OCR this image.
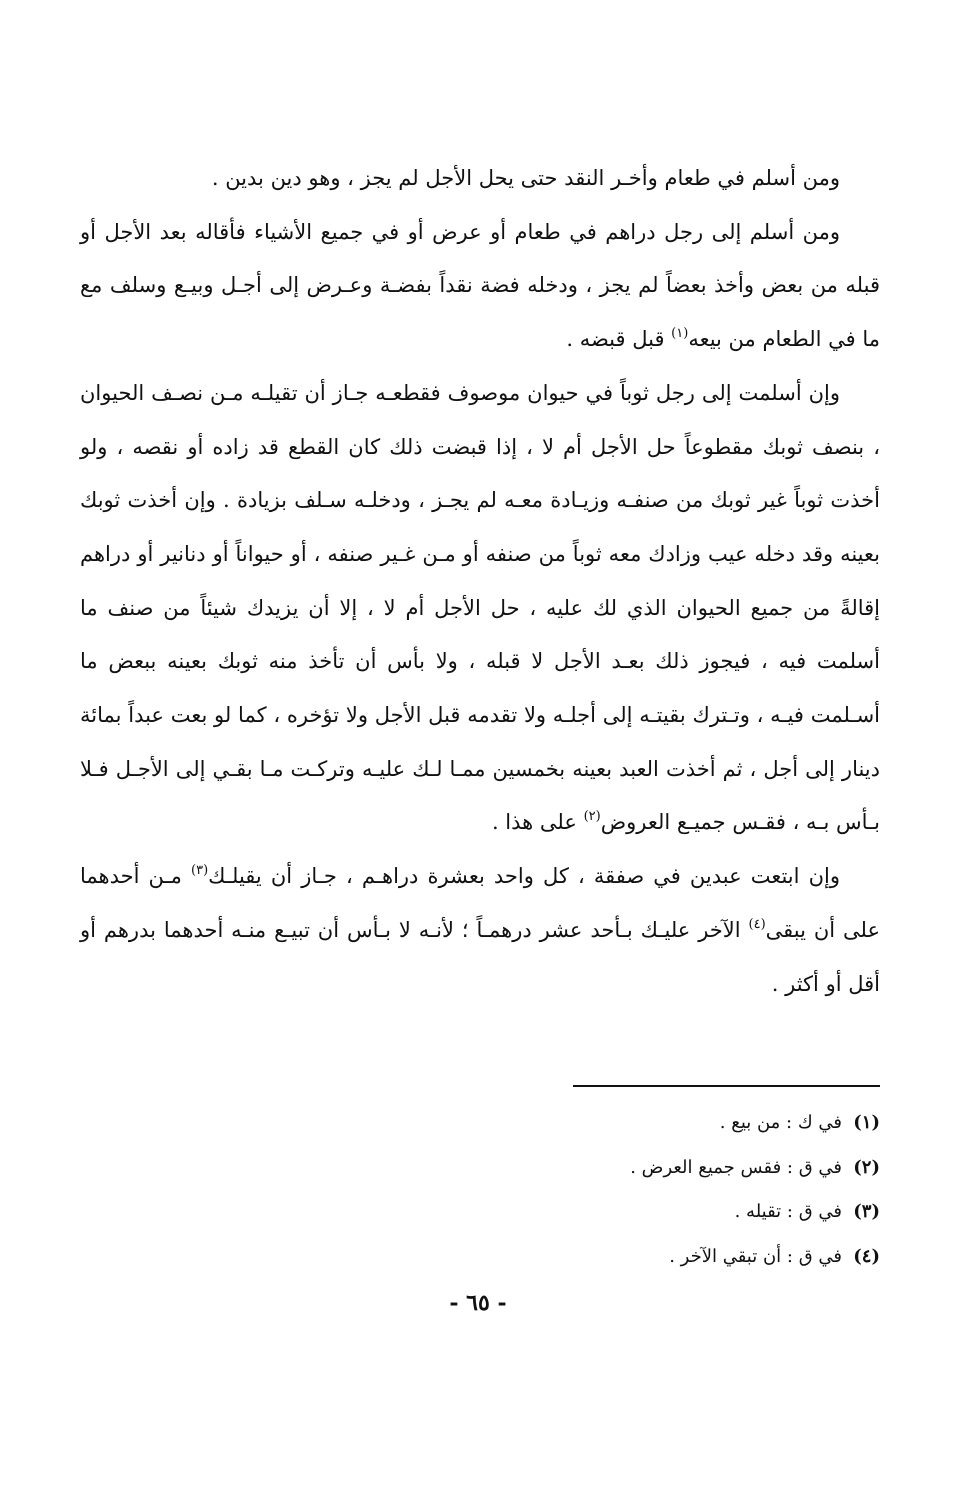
ومن أسلم في طعام وأخـر النقد حتى يحل الأجل لم يجز ، وهو دين بدين .

ومن أسلم إلى رجل دراهم في طعام أو عرض أو في جميع الأشياء فأقاله بعد الأجل أو قبله من بعض وأخذ بعضاً لم يجز ، ودخله فضة نقداً بفضـة وعـرض إلى أجـل وبيـع وسلف مع ما في الطعام من بيعه$^{(١)}$ قبل قبضه .

وإن أسلمت إلى رجل ثوباً في حيوان موصوف فقطعـه جـاز أن تقيلـه مـن نصـف الحيوان ، بنصف ثوبك مقطوعاً حل الأجل أم لا ، إذا قبضت ذلك كان القطع قد زاده أو نقصه ، ولو أخذت ثوباً غير ثوبك من صنفـه وزيـادة معـه لم يجـز ، ودخلـه سـلف بزيادة . وإن أخذت ثوبك بعينه وقد دخله عيب وزادك معه ثوباً من صنفه أو مـن غـير صنفه ، أو حيواناً أو دنانير أو دراهم إقالةً من جميع الحيوان الذي لك عليه ، حل الأجل أم لا ، إلا أن يزيدك شيئاً من صنف ما أسلمت فيه ، فيجوز ذلك بعـد الأجل لا قبله ، ولا بأس أن تأخذ منه ثوبك بعينه ببعض ما أسـلمت فيـه ، وتـترك بقيتـه إلى أجلـه ولا تقدمه قبل الأجل ولا تؤخره ، كما لو بعت عبداً بمائة دينار إلى أجل ، ثم أخذت العبد بعينه بخمسين ممـا لـك عليـه وتركـت مـا بقـي إلى الأجـل فـلا بـأس بـه ، فقـس جميـع العروض$^{(٢)}$ على هذا .

وإن ابتعت عبدين في صفقة ، كل واحد بعشرة دراهـم ، جـاز أن يقيلـك$^{(٣)}$ مـن أحدهما على أن يبقى$^{(٤)}$ الآخر عليـك بـأحد عشر درهمـاً ؛ لأنـه لا بـأس أن تبيـع منـه أحدهما بدرهم أو أقل أو أكثر .

(١)في ك : من بيع .
(٢)في ق : فقس جميع العرض .
(٣)في ق : تقيله .
(٤)في ق : أن تبقي الآخر .
- ٦٥ -
